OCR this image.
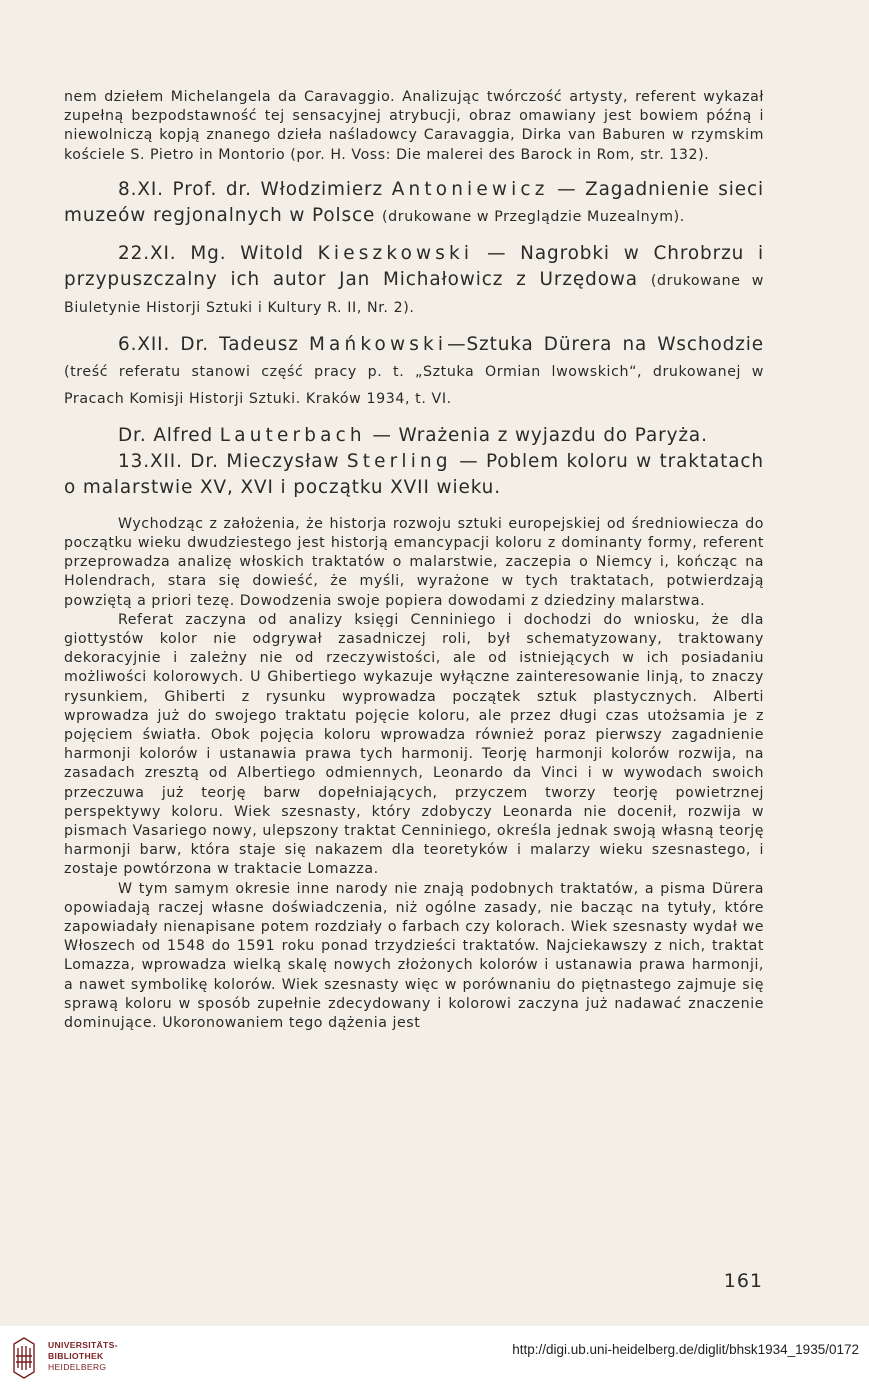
nem dziełem Michelangela da Caravaggio. Analizując twórczość artysty, referent wykazał zupełną bezpodstawność tej sensacyjnej atrybucji, obraz omawiany jest bowiem późną i niewolniczą kopją znanego dzieła naśladowcy Caravaggia, Dirka van Baburen w rzymskim kościele S. Pietro in Montorio (por. H. Voss: Die malerei des Barock in Rom, str. 132).

8.XI. Prof. dr. Włodzimierz Antoniewicz — Zagadnienie sieci muzeów regjonalnych w Polsce (drukowane w Przeglądzie Muzealnym).

22.XI. Mg. Witold Kieszkowski — Nagrobki w Chrobrzu i przypuszczalny ich autor Jan Michałowicz z Urzędowa (drukowane w Biuletynie Historji Sztuki i Kultury R. II, Nr. 2).

6.XII. Dr. Tadeusz Mańkowski—Sztuka Dürera na Wschodzie (treść referatu stanowi część pracy p. t. „Sztuka Ormian lwowskich“, drukowanej w Pracach Komisji Historji Sztuki. Kraków 1934, t. VI.

Dr. Alfred Lauterbach — Wrażenia z wyjazdu do Paryża.

13.XII. Dr. Mieczysław Sterling — Poblem koloru w traktatach o malarstwie XV, XVI i początku XVII wieku.

Wychodząc z założenia, że historja rozwoju sztuki europejskiej od średniowiecza do początku wieku dwudziestego jest historją emancypacji koloru z dominanty formy, referent przeprowadza analizę włoskich traktatów o malarstwie, zaczepia o Niemcy i, kończąc na Holendrach, stara się dowieść, że myśli, wyrażone w tych traktatach, potwierdzają powziętą a priori tezę. Dowodzenia swoje popiera dowodami z dziedziny malarstwa.

Referat zaczyna od analizy księgi Cenniniego i dochodzi do wniosku, że dla giottystów kolor nie odgrywał zasadniczej roli, był schematyzowany, traktowany dekoracyjnie i zależny nie od rzeczywistości, ale od istniejących w ich posiadaniu możliwości kolorowych. U Ghibertiego wykazuje wyłączne zainteresowanie linją, to znaczy rysunkiem, Ghiberti z rysunku wyprowadza początek sztuk plastycznych. Alberti wprowadza już do swojego traktatu pojęcie koloru, ale przez długi czas utożsamia je z pojęciem światła. Obok pojęcia koloru wprowadza również poraz pierwszy zagadnienie harmonji kolorów i ustanawia prawa tych harmonij. Teorję harmonji kolorów rozwija, na zasadach zresztą od Albertiego odmiennych, Leonardo da Vinci i w wywodach swoich przeczuwa już teorję barw dopełniających, przyczem tworzy teorję powietrznej perspektywy koloru. Wiek szesnasty, który zdobyczy Leonarda nie docenił, rozwija w pismach Vasariego nowy, ulepszony traktat Cenniniego, określa jednak swoją własną teorję harmonji barw, która staje się nakazem dla teoretyków i malarzy wieku szesnastego, i zostaje powtórzona w traktacie Lomazza.

W tym samym okresie inne narody nie znają podobnych traktatów, a pisma Dürera opowiadają raczej własne doświadczenia, niż ogólne zasady, nie bacząc na tytuły, które zapowiadały nienapisane potem rozdziały o farbach czy kolorach. Wiek szesnasty wydał we Włoszech od 1548 do 1591 roku ponad trzydzieści traktatów. Najciekawszy z nich, traktat Lomazza, wprowadza wielką skalę nowych złożonych kolorów i ustanawia prawa harmonji, a nawet symbolikę kolorów. Wiek szesnasty więc w porównaniu do piętnastego zajmuje się sprawą koloru w sposób zupełnie zdecydowany i kolorowi zaczyna już nadawać znaczenie dominujące. Ukoronowaniem tego dążenia jest

161
UNIVERSITÄTS-
BIBLIOTHEK
HEIDELBERG
http://digi.ub.uni-heidelberg.de/diglit/bhsk1934_1935/0172
